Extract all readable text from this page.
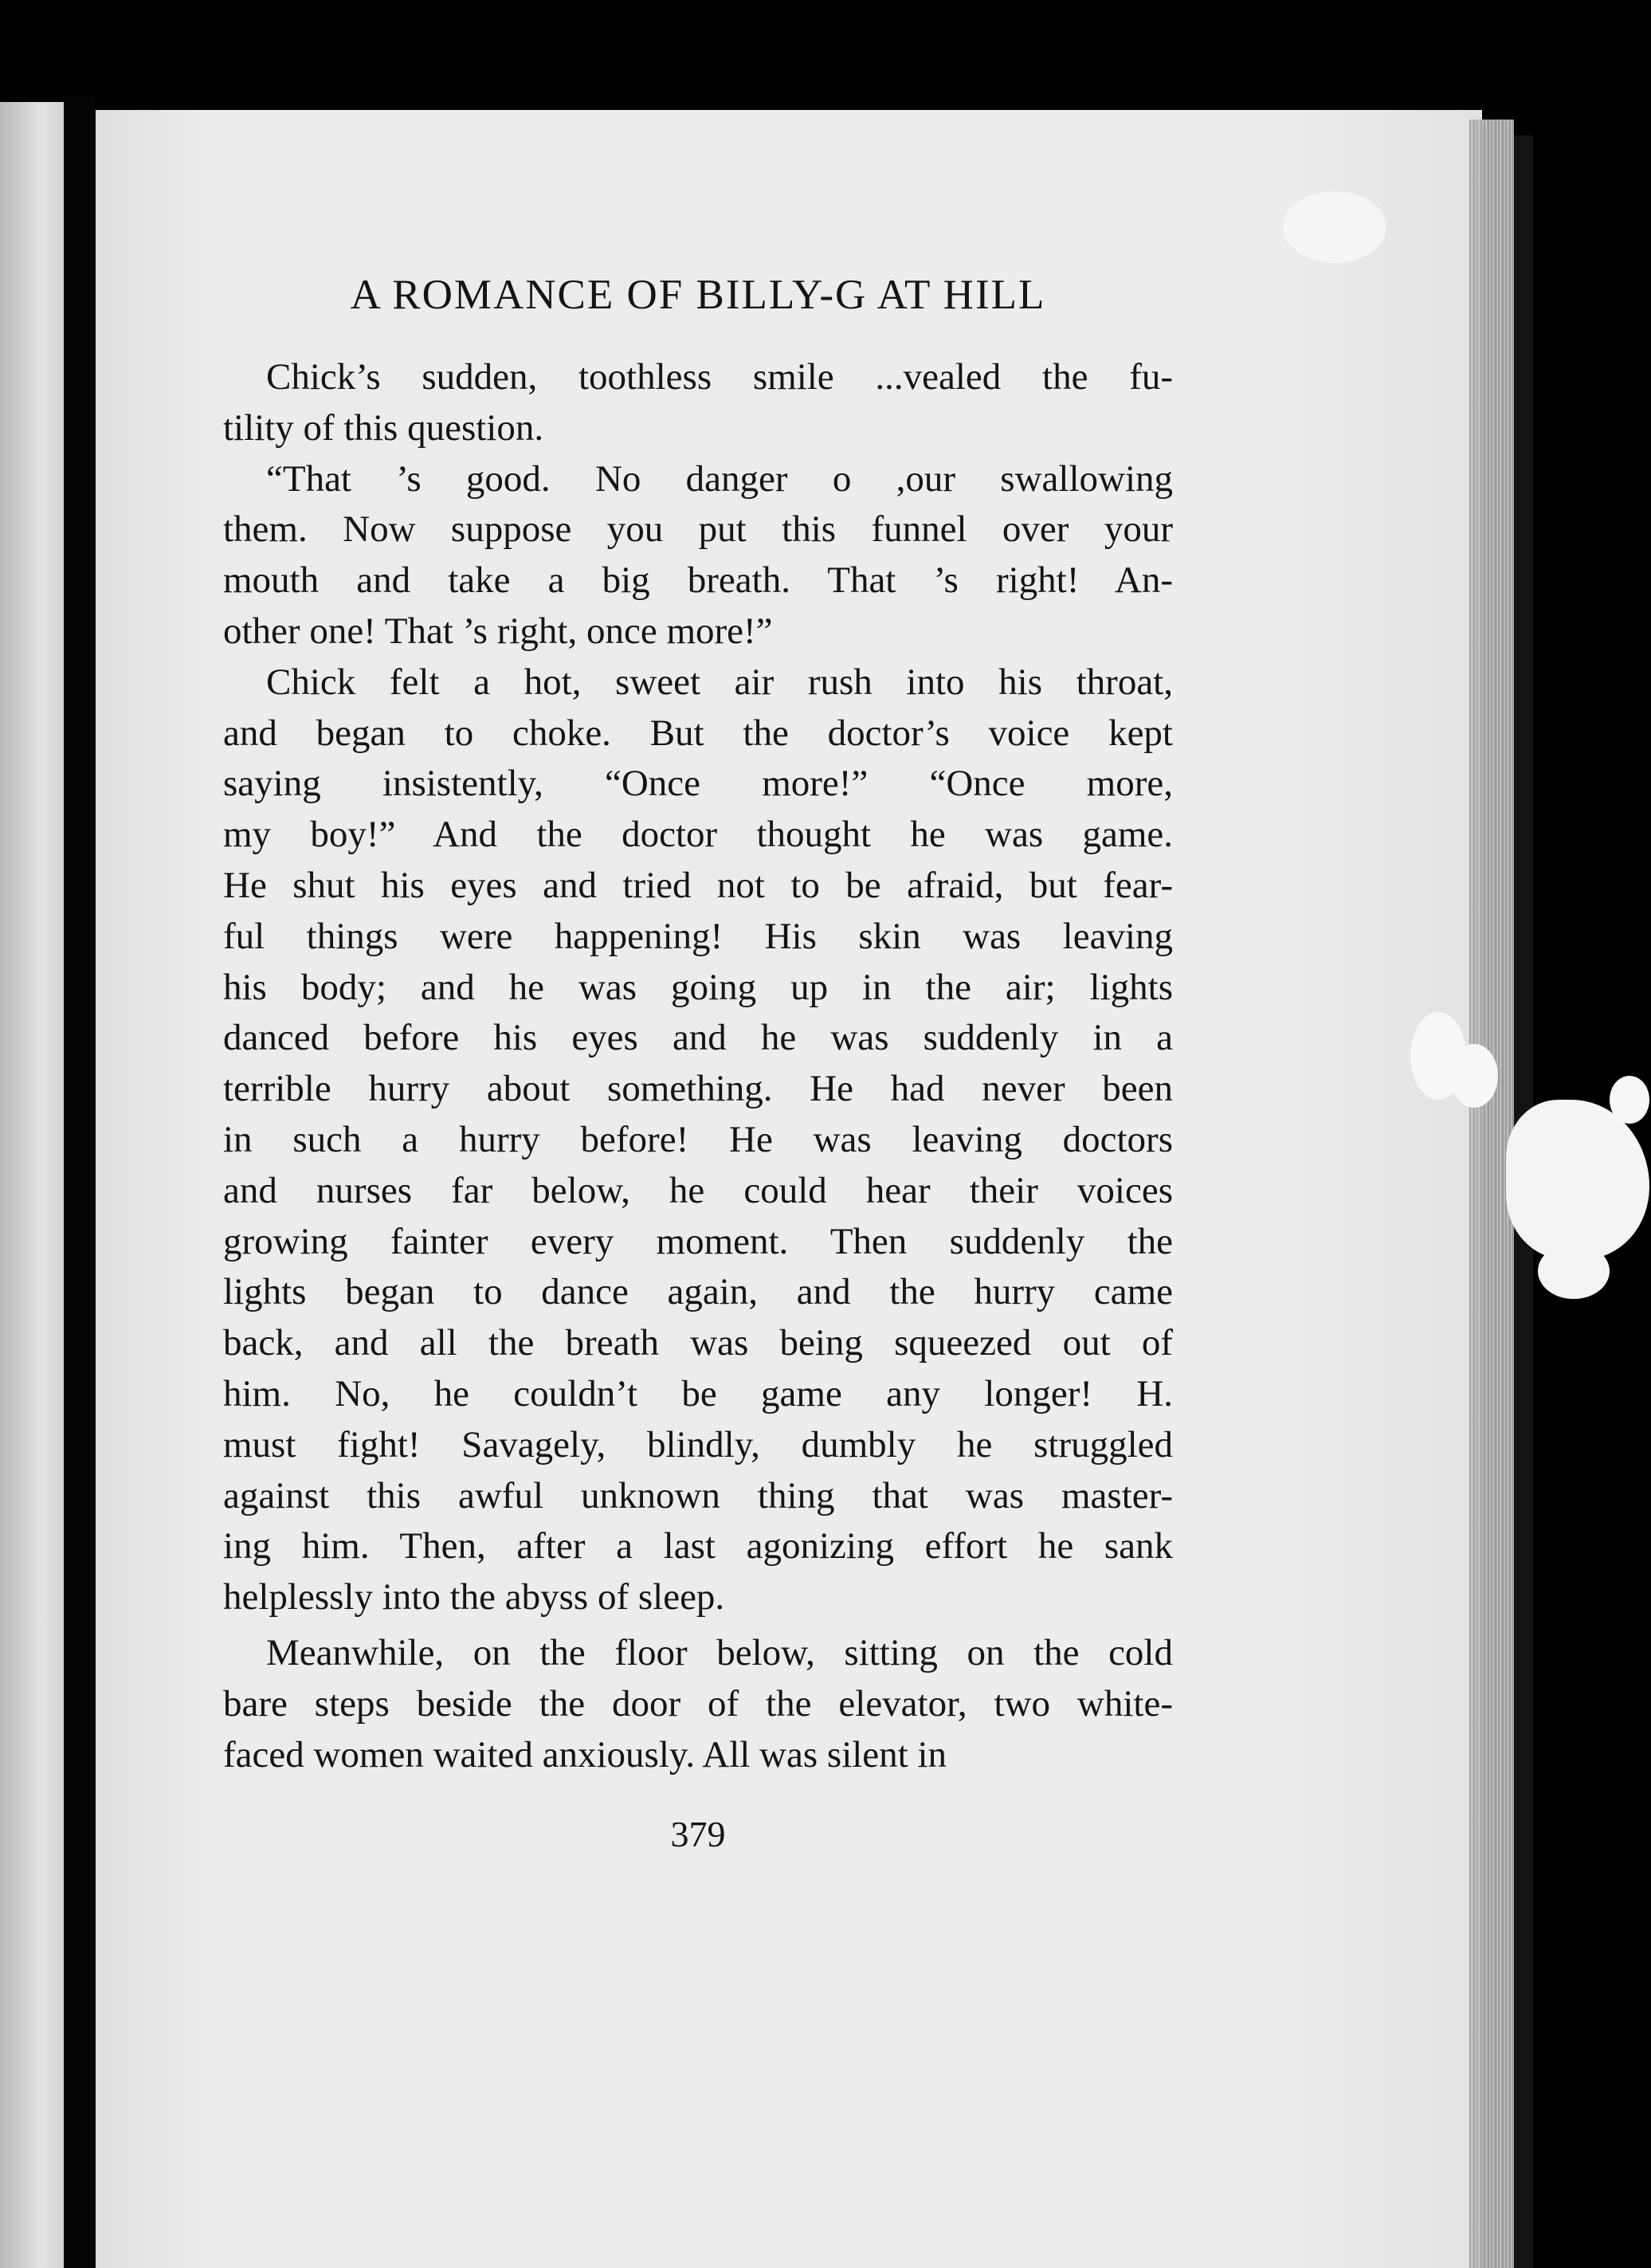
A ROMANCE OF BILLY-G AT HILL
Chick’s sudden, toothless smile ...vealed the fu-
tility of this question.
“That ’s good. No danger o ,our swallowing
them. Now suppose you put this funnel over your
mouth and take a big breath. That ’s right! An-
other one! That ’s right, once more!”
Chick felt a hot, sweet air rush into his throat,
and began to choke. But the doctor’s voice kept
saying insistently, “Once more!” “Once more,
my boy!” And the doctor thought he was game.
He shut his eyes and tried not to be afraid, but fear-
ful things were happening! His skin was leaving
his body; and he was going up in the air; lights
danced before his eyes and he was suddenly in a
terrible hurry about something. He had never been
in such a hurry before! He was leaving doctors
and nurses far below, he could hear their voices
growing fainter every moment. Then suddenly the
lights began to dance again, and the hurry came
back, and all the breath was being squeezed out of
him. No, he couldn’t be game any longer! H.
must fight! Savagely, blindly, dumbly he struggled
against this awful unknown thing that was master-
ing him. Then, after a last agonizing effort he sank
helplessly into the abyss of sleep.
Meanwhile, on the floor below, sitting on the cold
bare steps beside the door of the elevator, two white-
faced women waited anxiously. All was silent in
379
